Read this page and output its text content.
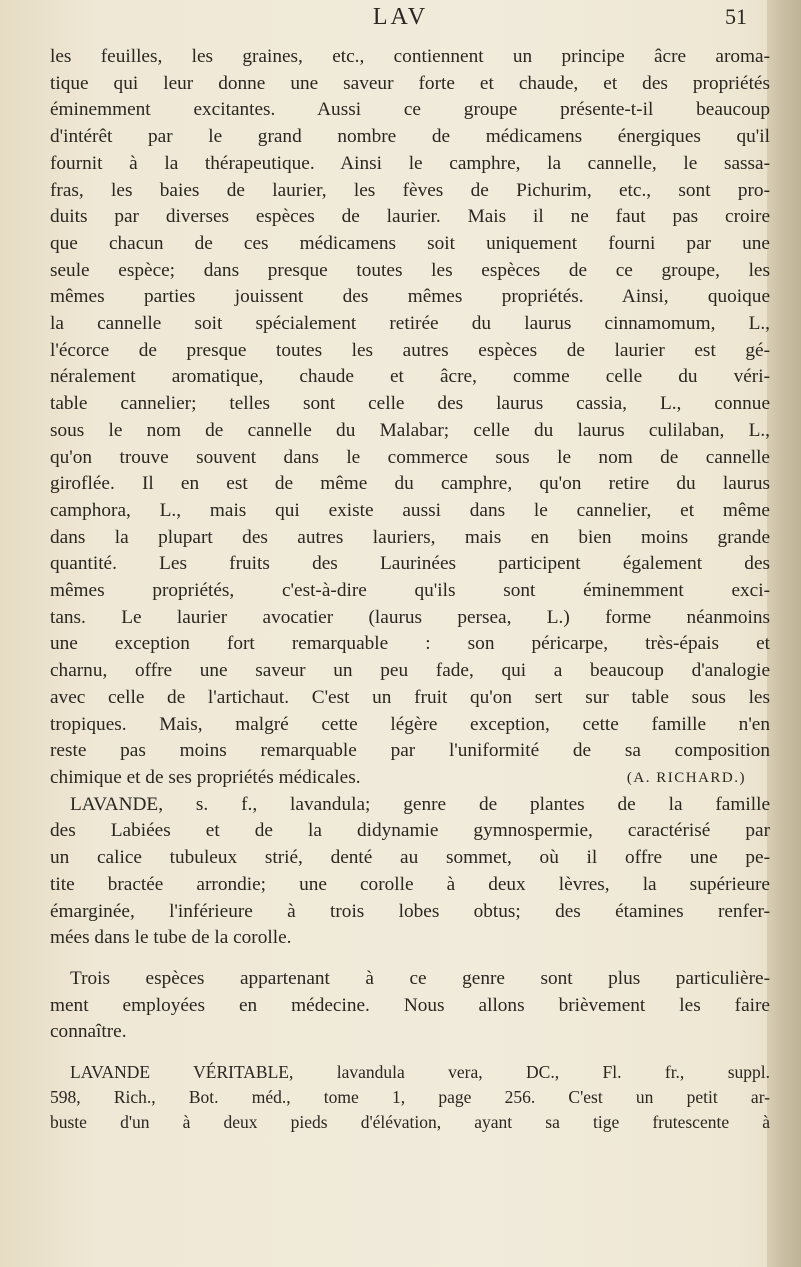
LAV	51
les feuilles, les graines, etc., contiennent un principe âcre aroma-
tique qui leur donne une saveur forte et chaude, et des propriétés
éminemment excitantes. Aussi ce groupe présente-t-il beaucoup
d'intérêt par le grand nombre de médicamens énergiques qu'il
fournit à la thérapeutique. Ainsi le camphre, la cannelle, le sassa-
fras, les baies de laurier, les fèves de Pichurim, etc., sont pro-
duits par diverses espèces de laurier. Mais il ne faut pas croire
que chacun de ces médicamens soit uniquement fourni par une
seule espèce; dans presque toutes les espèces de ce groupe, les
mêmes parties jouissent des mêmes propriétés. Ainsi, quoique
la cannelle soit spécialement retirée du laurus cinnamomum, L.,
l'écorce de presque toutes les autres espèces de laurier est gé-
néralement aromatique, chaude et âcre, comme celle du véri-
table cannelier; telles sont celle des laurus cassia, L., connue
sous le nom de cannelle du Malabar; celle du laurus culilaban, L.,
qu'on trouve souvent dans le commerce sous le nom de cannelle
giroflée. Il en est de même du camphre, qu'on retire du laurus
camphora, L., mais qui existe aussi dans le cannelier, et même
dans la plupart des autres lauriers, mais en bien moins grande
quantité. Les fruits des Laurinées participent également des
mêmes propriétés, c'est-à-dire qu'ils sont éminemment exci-
tans. Le laurier avocatier (laurus persea, L.) forme néanmoins
une exception fort remarquable : son péricarpe, très-épais et
charnu, offre une saveur un peu fade, qui a beaucoup d'analogie
avec celle de l'artichaut. C'est un fruit qu'on sert sur table sous les
tropiques. Mais, malgré cette légère exception, cette famille n'en
reste pas moins remarquable par l'uniformité de sa composition
chimique et de ses propriétés médicales.	(A. RICHARD.)
LAVANDE, s. f., lavandula; genre de plantes de la famille
des Labiées et de la didynamie gymnospermie, caractérisé par
un calice tubuleux strié, denté au sommet, où il offre une pe-
tite bractée arrondie; une corolle à deux lèvres, la supérieure
émarginée, l'inférieure à trois lobes obtus; des étamines renfer-
mées dans le tube de la corolle.
Trois espèces appartenant à ce genre sont plus particulière-
ment employées en médecine. Nous allons brièvement les faire
connaître.
LAVANDE VÉRITABLE, lavandula vera, DC., Fl. fr., suppl.
598, Rich., Bot. méd., tome 1, page 256. C'est un petit ar-
buste d'un à deux pieds d'élévation, ayant sa tige frutescente à
